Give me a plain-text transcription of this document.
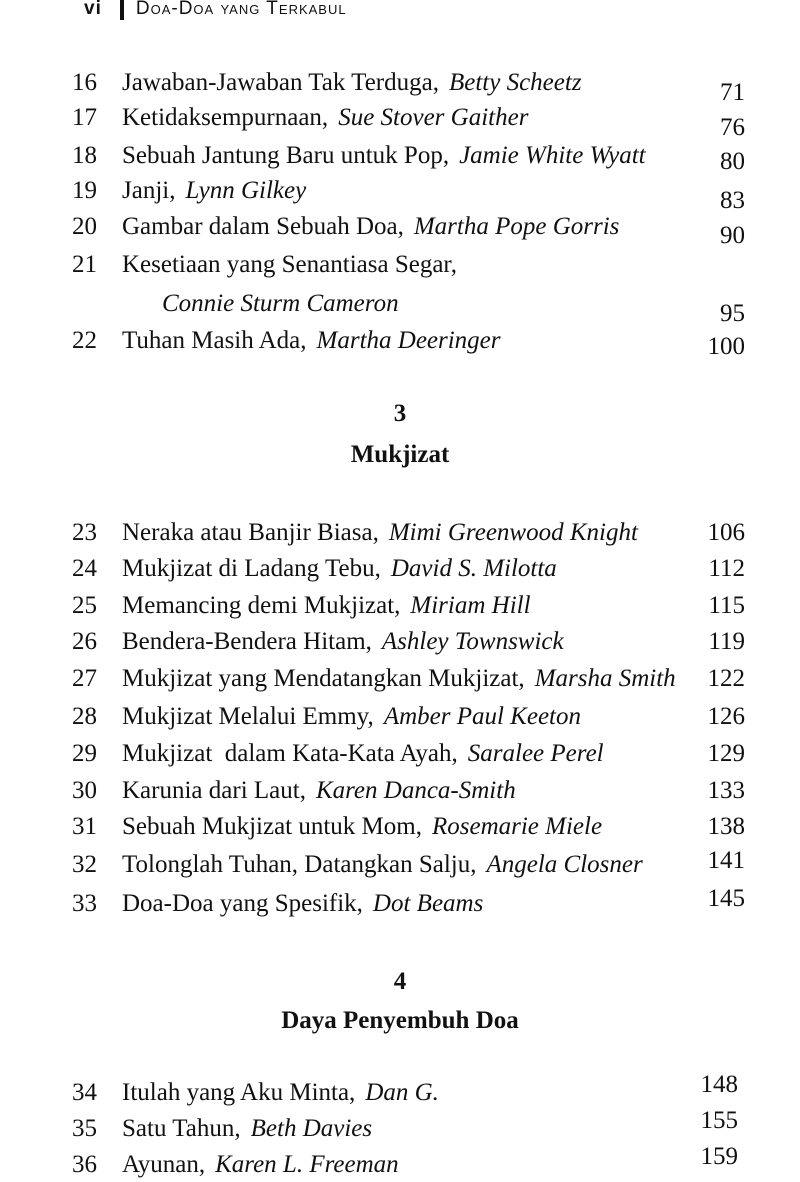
vi Doa-Doa yang Terkabul
16	Jawaban-Jawaban Tak Terduga, Betty Scheetz	71
17	Ketidaksempurnaan, Sue Stover Gaither	76
18	Sebuah Jantung Baru untuk Pop, Jamie White Wyatt	80
19	Janji, Lynn Gilkey	83
20	Gambar dalam Sebuah Doa, Martha Pope Gorris	90
21	Kesetiaan yang Senantiasa Segar,
Connie Sturm Cameron	95
22	Tuhan Masih Ada, Martha Deeringer	100
3
Mukjizat
23	Neraka atau Banjir Biasa, Mimi Greenwood Knight	106
24	Mukjizat di Ladang Tebu, David S. Milotta	112
25	Memancing demi Mukjizat, Miriam Hill	115
26	Bendera-Bendera Hitam, Ashley Townswick	119
27	Mukjizat yang Mendatangkan Mukjizat, Marsha Smith 122
28	Mukjizat Melalui Emmy, Amber Paul Keeton	126
29	Mukjizat  dalam Kata-Kata Ayah, Saralee Perel	129
30	Karunia dari Laut, Karen Danca-Smith	133
31	Sebuah Mukjizat untuk Mom, Rosemarie Miele	138
32	Tolonglah Tuhan, Datangkan Salju, Angela Closner	141
33	Doa-Doa yang Spesifik, Dot Beams	145
4
Daya Penyembuh Doa
34	Itulah yang Aku Minta, Dan G.	148
35	Satu Tahun, Beth Davies	155
36	Ayunan, Karen L. Freeman	159
